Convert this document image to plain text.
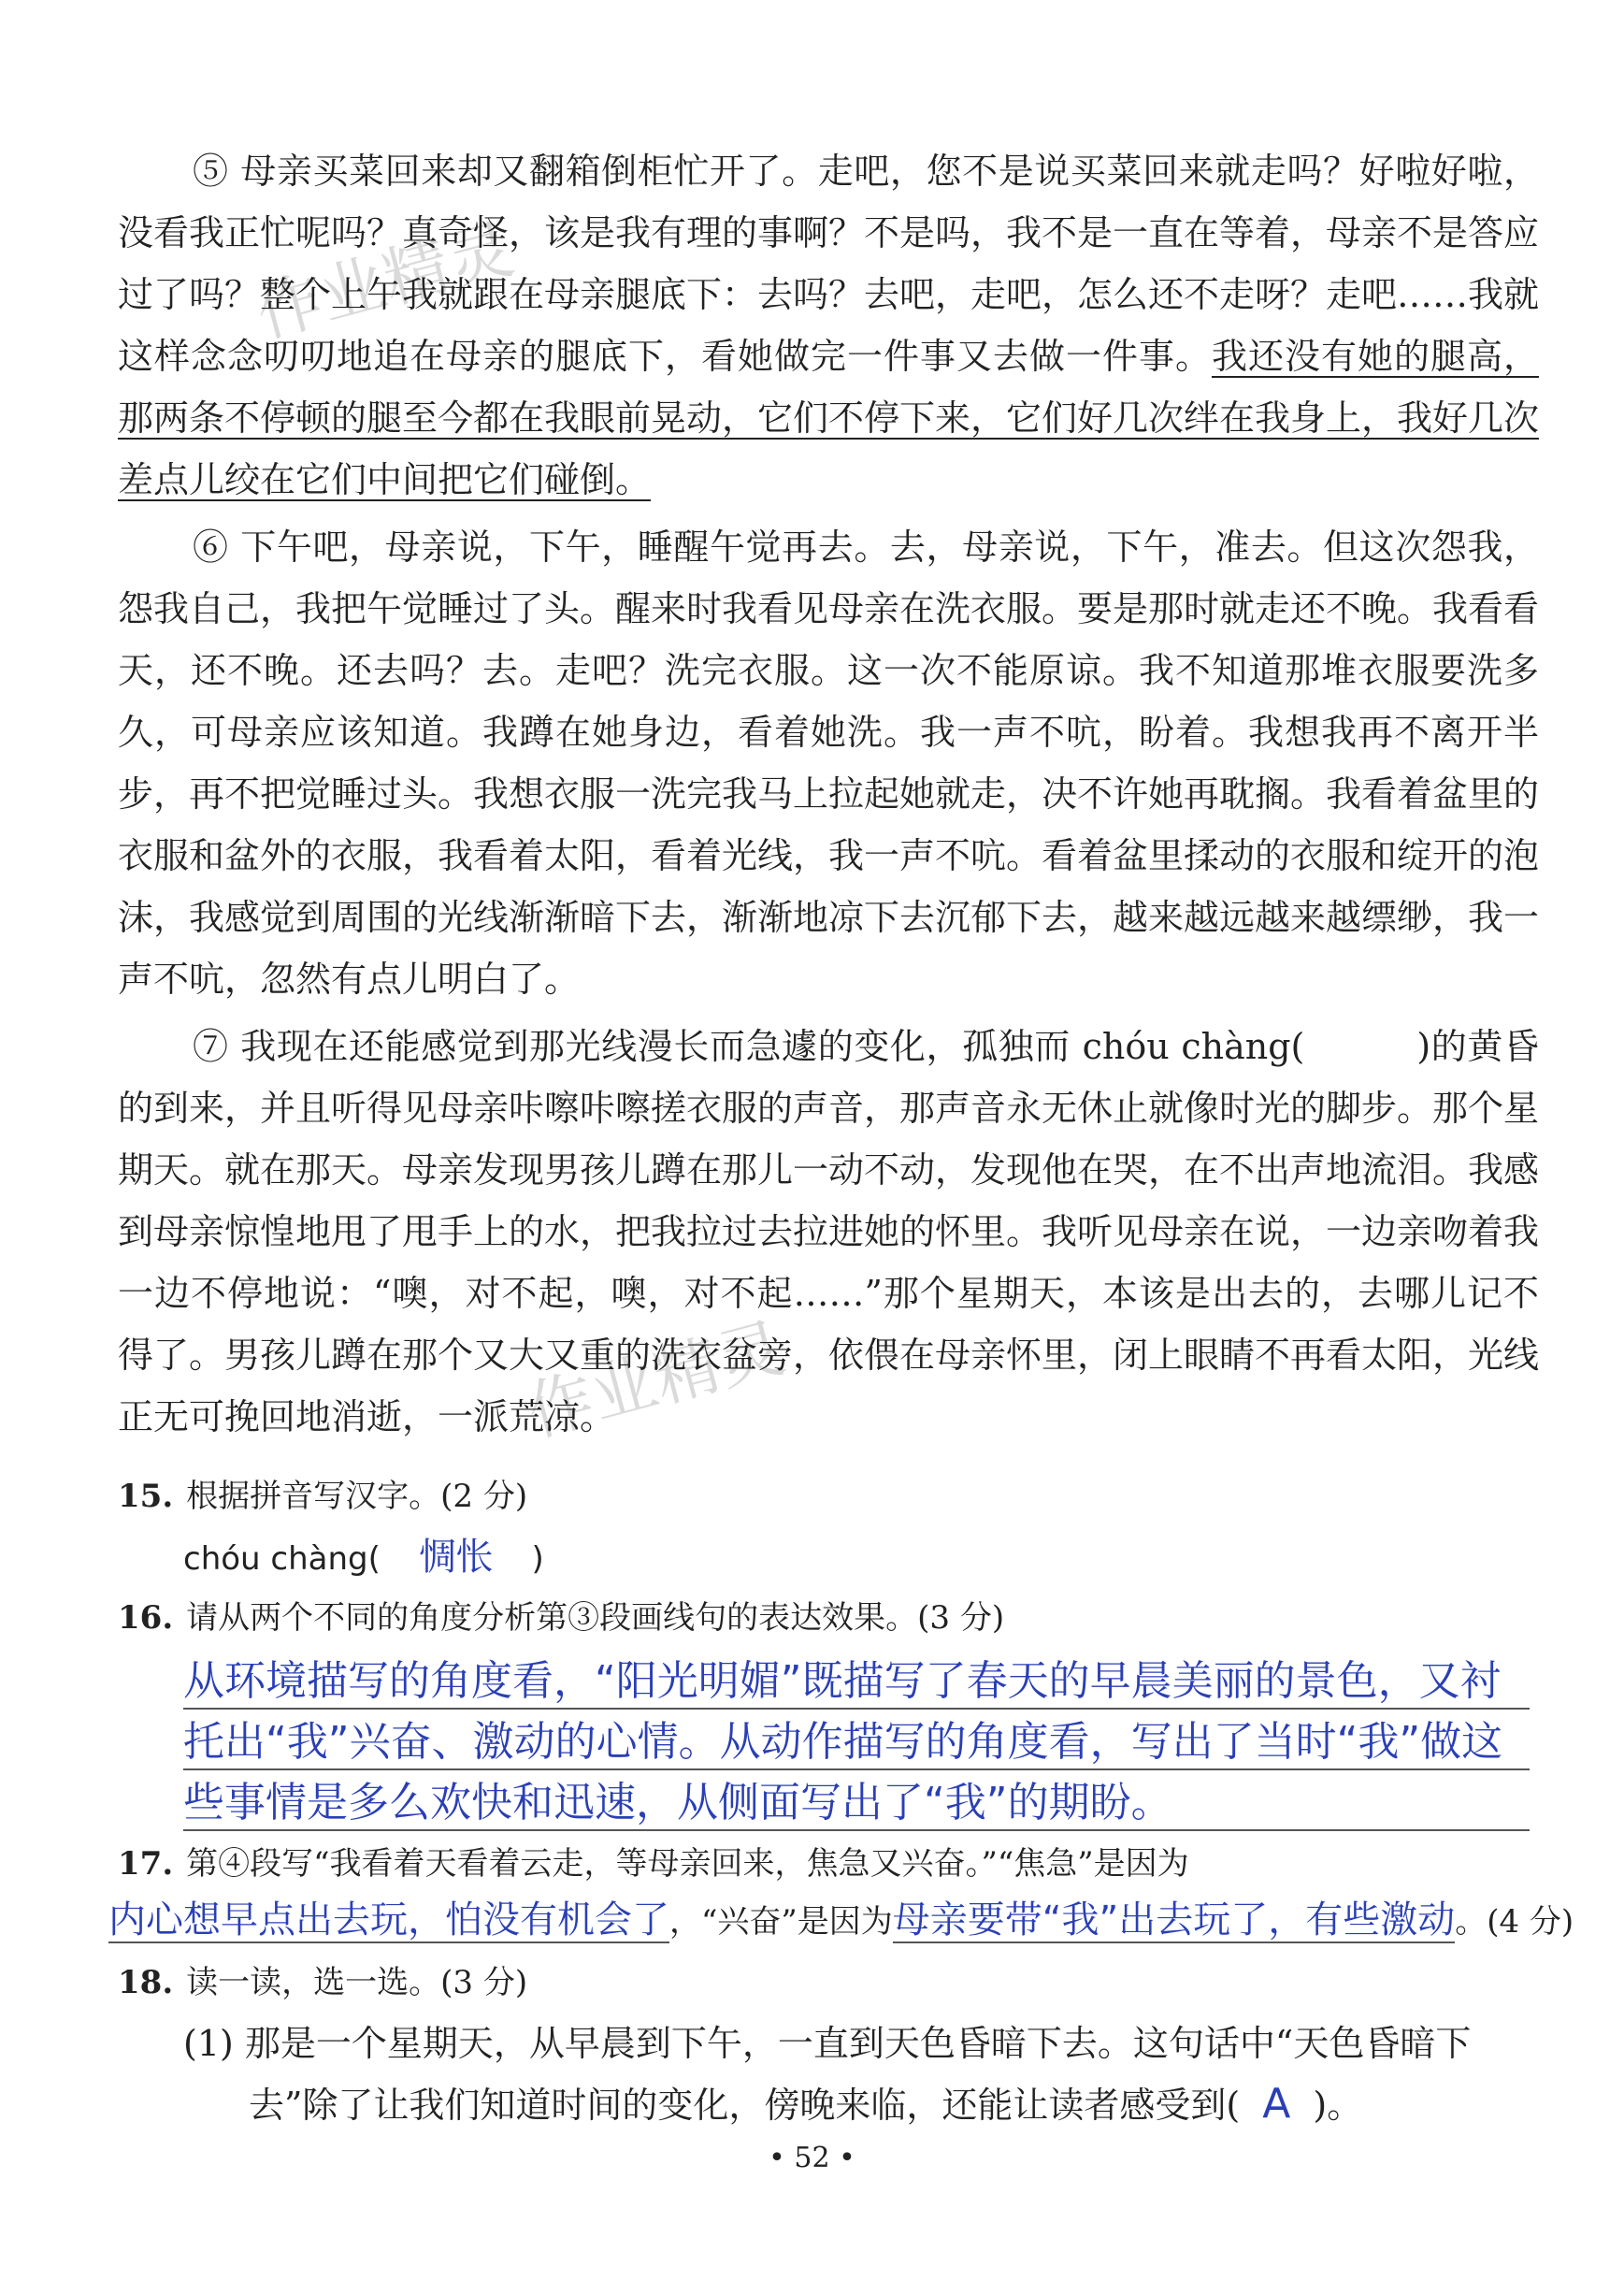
作业精灵
作业精灵

⑤ 母亲买菜回来却又翻箱倒柜忙开了。走吧，您不是说买菜回来就走吗？好啦好啦，没看我正忙呢吗？真奇怪，该是我有理的事啊？不是吗，我不是一直在等着，母亲不是答应过了吗？整个上午我就跟在母亲腿底下：去吗？去吧，走吧，怎么还不走呀？走吧……我就这样念念叨叨地追在母亲的腿底下，看她做完一件事又去做一件事。我还没有她的腿高，那两条不停顿的腿至今都在我眼前晃动，它们不停下来，它们好几次绊在我身上，我好几次差点儿绞在它们中间把它们碰倒。

⑥ 下午吧，母亲说，下午，睡醒午觉再去。去，母亲说，下午，准去。但这次怨我，怨我自己，我把午觉睡过了头。醒来时我看见母亲在洗衣服。要是那时就走还不晚。我看看天，还不晚。还去吗？去。走吧？洗完衣服。这一次不能原谅。我不知道那堆衣服要洗多久，可母亲应该知道。我蹲在她身边，看着她洗。我一声不吭，盼着。我想我再不离开半步，再不把觉睡过头。我想衣服一洗完我马上拉起她就走，决不许她再耽搁。我看着盆里的衣服和盆外的衣服，我看着太阳，看着光线，我一声不吭。看着盆里揉动的衣服和绽开的泡沫，我感觉到周围的光线渐渐暗下去，渐渐地凉下去沉郁下去，越来越远越来越缥缈，我一声不吭，忽然有点儿明白了。

⑦ 我现在还能感觉到那光线漫长而急遽的变化，孤独而 chóu chàng(	)的黄昏的到来，并且听得见母亲咔嚓咔嚓搓衣服的声音，那声音永无休止就像时光的脚步。那个星期天。就在那天。母亲发现男孩儿蹲在那儿一动不动，发现他在哭，在不出声地流泪。我感到母亲惊惶地甩了甩手上的水，把我拉过去拉进她的怀里。我听见母亲在说，一边亲吻着我一边不停地说：“噢，对不起，噢，对不起……”那个星期天，本该是出去的，去哪儿记不得了。男孩儿蹲在那个又大又重的洗衣盆旁，依偎在母亲怀里，闭上眼睛不再看太阳，光线正无可挽回地消逝，一派荒凉。

15. 根据拼音写汉字。(2 分)
chóu chàng( 惆怅 )
16. 请从两个不同的角度分析第③段画线句的表达效果。(3 分)
从环境描写的角度看，“阳光明媚”既描写了春天的早晨美丽的景色，又衬
托出“我”兴奋、激动的心情。从动作描写的角度看，写出了当时“我”做这
些事情是多么欢快和迅速，从侧面写出了“我”的期盼。
17. 第④段写“我看着天看着云走，等母亲回来，焦急又兴奋。”“焦急”是因为
内心想早点出去玩，怕没有机会了，“兴奋”是因为母亲要带“我”出去玩了，有些激动。(4 分)
18. 读一读，选一选。(3 分)
(1) 那是一个星期天，从早晨到下午，一直到天色昏暗下去。这句话中“天色昏暗下
去”除了让我们知道时间的变化，傍晚来临，还能让读者感受到( A )。
• 52 •
